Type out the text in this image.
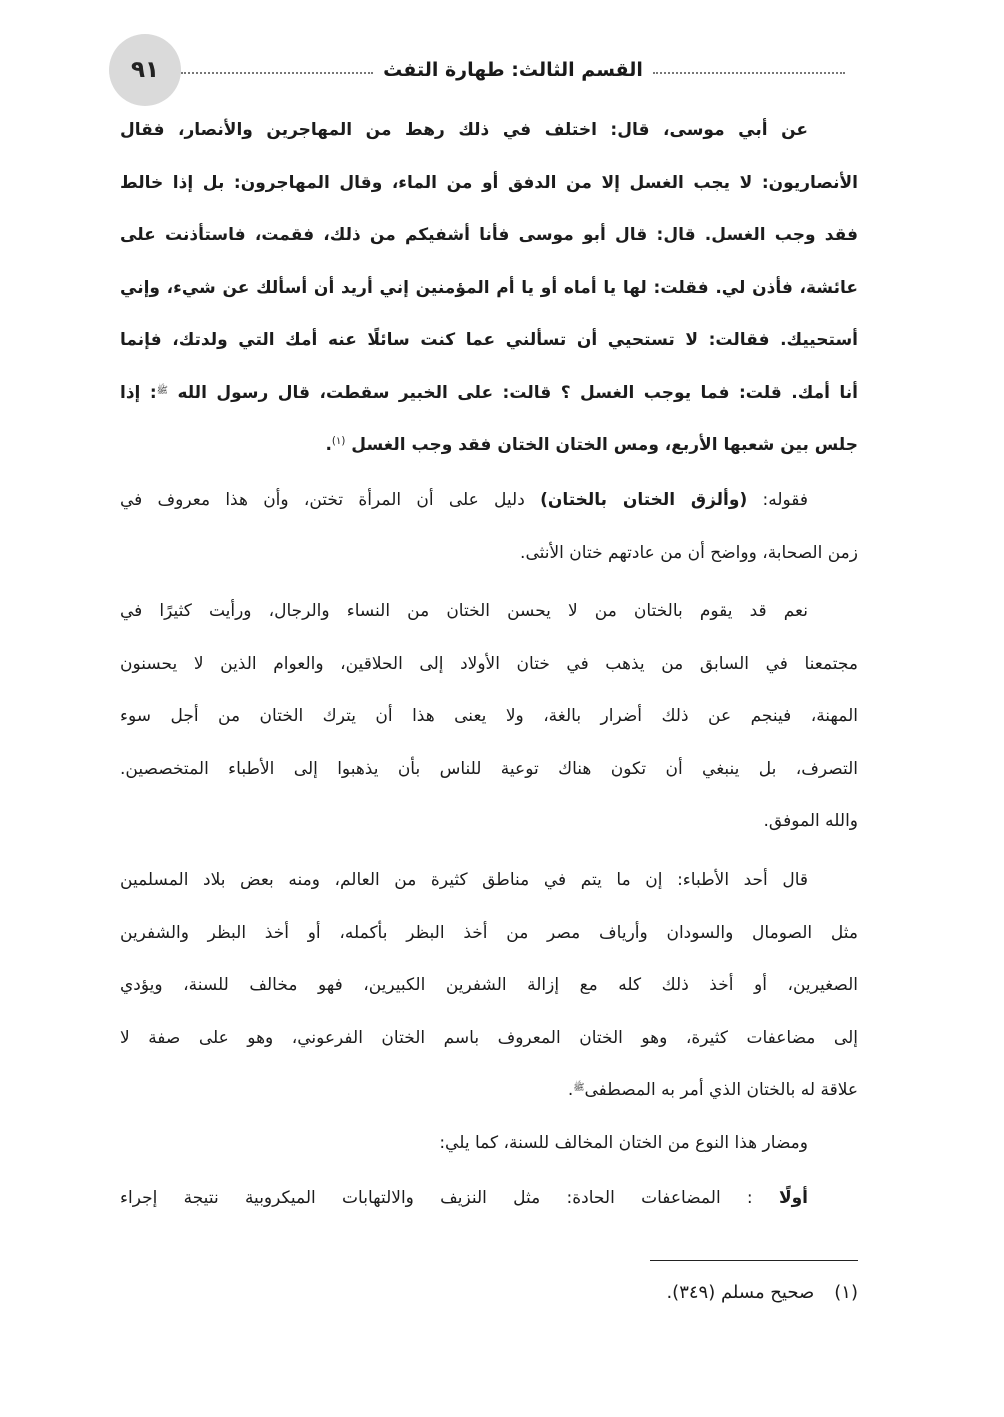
٩١	القسم الثالث: طهارة التفث
عن أبي موسى، قال: اختلف في ذلك رهط من المهاجرين والأنصار، فقال
الأنصاريون: لا يجب الغسل إلا من الدفق أو من الماء، وقال المهاجرون: بل إذا خالط
فقد وجب الغسل. قال: قال أبو موسى فأنا أشفيكم من ذلك، فقمت، فاستأذنت على
عائشة، فأذن لي. فقلت: لها يا أماه أو يا أم المؤمنين إني أريد أن أسألك عن شيء، وإني
أستحييك. فقالت: لا تستحيي أن تسألني عما كنت سائلًا عنه أمك التي ولدتك، فإنما
أنا أمك. قلت: فما يوجب الغسل ؟ قالت: على الخبير سقطت، قال رسول الله $^ﷺ$: إذا
جلس بين شعبها الأربع، ومس الختان الختان فقد وجب الغسل $^{(١)}$.
فقوله: (وألزق الختان بالختان) دليل على أن المرأة تختن، وأن هذا معروف في
زمن الصحابة، وواضح أن من عادتهم ختان الأنثى.
نعم قد يقوم بالختان من لا يحسن الختان من النساء والرجال، ورأيت كثيرًا في
مجتمعنا في السابق من يذهب في ختان الأولاد إلى الحلاقين، والعوام الذين لا يحسنون
المهنة، فينجم عن ذلك أضرار بالغة، ولا يعنى هذا أن يترك الختان من أجل سوء
التصرف، بل ينبغي أن تكون هناك توعية للناس بأن يذهبوا إلى الأطباء المتخصصين.
والله الموفق.
قال أحد الأطباء: إن ما يتم في مناطق كثيرة من العالم، ومنه بعض بلاد المسلمين
مثل الصومال والسودان وأرياف مصر من أخذ البظر بأكمله، أو أخذ البظر والشفرين
الصغيرين، أو أخذ ذلك كله مع إزالة الشفرين الكبيرين، فهو مخالف للسنة، ويؤدي
إلى مضاعفات كثيرة، وهو الختان المعروف باسم الختان الفرعوني، وهو على صفة لا
علاقة له بالختان الذي أمر به المصطفى$^ﷺ$.
ومضار هذا النوع من الختان المخالف للسنة، كما يلي:
أولًا : المضاعفات الحادة: مثل النزيف والالتهابات الميكروبية نتيجة إجراء
(١)صحيح مسلم (٣٤٩).
